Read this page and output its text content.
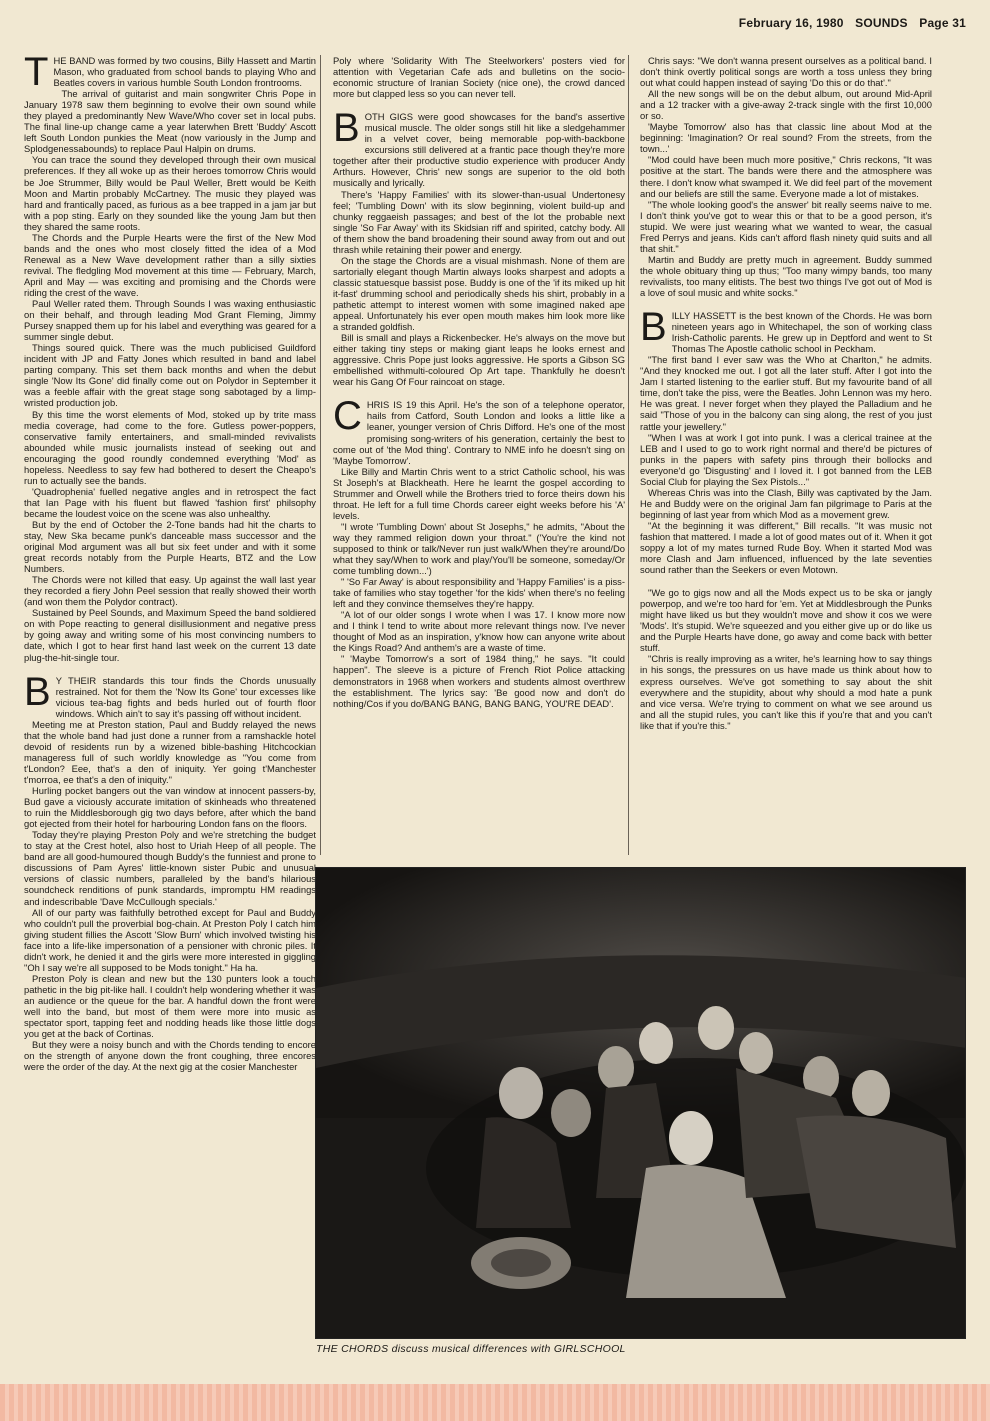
February 16, 1980 SOUNDS Page 31

THE BAND was formed by two cousins, Billy Hassett and Martin Mason, who graduated from school bands to playing Who and Beatles covers in various humble South London frontrooms.

The arrival of guitarist and main songwriter Chris Pope in January 1978 saw them beginning to evolve their own sound while they played a predominantly New Wave/Who cover set in local pubs. The final line-up change came a year laterwhen Brett 'Buddy' Ascott left South London punkies the Meat (now variously in the Jump and Splodgenessabounds) to replace Paul Halpin on drums.

You can trace the sound they developed through their own musical preferences. If they all woke up as their heroes tomorrow Chris would be Joe Strummer, Billy would be Paul Weller, Brett would be Keith Moon and Martin probably McCartney. The music they played was hard and frantically paced, as furious as a bee trapped in a jam jar but with a pop sting. Early on they sounded like the young Jam but then they shared the same roots.

The Chords and the Purple Hearts were the first of the New Mod bands and the ones who most closely fitted the idea of a Mod Renewal as a New Wave development rather than a silly sixties revival. The fledgling Mod movement at this time — February, March, April and May — was exciting and promising and the Chords were riding the crest of the wave.

Paul Weller rated them. Through Sounds I was waxing enthusiastic on their behalf, and through leading Mod Grant Fleming, Jimmy Pursey snapped them up for his label and everything was geared for a summer single debut.

Things soured quick. There was the much publicised Guildford incident with JP and Fatty Jones which resulted in band and label parting company. This set them back months and when the debut single 'Now Its Gone' did finally come out on Polydor in September it was a feeble affair with the great stage song sabotaged by a limp-wristed production job.

By this time the worst elements of Mod, stoked up by trite mass media coverage, had come to the fore. Gutless power-poppers, conservative family entertainers, and small-minded revivalists abounded while music journalists instead of seeking out and encouraging the good roundly condemned everything 'Mod' as hopeless. Needless to say few had bothered to desert the Cheapo's run to actually see the bands.

'Quadrophenia' fuelled negative angles and in retrospect the fact that Ian Page with his fluent but flawed 'fashion first' philsophy became the loudest voice on the scene was also unhealthy.

But by the end of October the 2-Tone bands had hit the charts to stay, New Ska became punk's danceable mass successor and the original Mod argument was all but six feet under and with it some great records notably from the Purple Hearts, BTZ and the Low Numbers.

The Chords were not killed that easy. Up against the wall last year they recorded a fiery John Peel session that really showed their worth (and won them the Polydor contract).

Sustained by Peel Sounds, and Maximum Speed the band soldiered on with Pope reacting to general disillusionment and negative press by going away and writing some of his most convincing numbers to date, which I got to hear first hand last week on the current 13 date plug-the-hit-single tour.

B Y THEIR standards this tour finds the Chords unusually restrained. Not for them the 'Now Its Gone' tour excesses like vicious tea-bag fights and beds hurled out of fourth floor windows. Which ain't to say it's passing off without incident.

Meeting me at Preston station, Paul and Buddy relayed the news that the whole band had just done a runner from a ramshackle hotel devoid of residents run by a wizened bible-bashing Hitchcockian manageress full of such worldly knowledge as "You come from t'London? Eee, that's a den of iniquity. Yer going t'Manchester t'morroa, ee that's a den of iniquity."

Hurling pocket bangers out the van window at innocent passers-by, Bud gave a viciously accurate imitation of skinheads who threatened to ruin the Middlesborough gig two days before, after which the band got ejected from their hotel for harbouring London fans on the floors.

Today they're playing Preston Poly and we're stretching the budget to stay at the Crest hotel, also host to Uriah Heep of all people. The band are all good-humoured though Buddy's the funniest and prone to discussions of Pam Ayres' little-known sister Pubic and unusual versions of classic numbers, paralleled by the band's hilarious soundcheck renditions of punk standards, impromptu HM readings and indescribable 'Dave McCullough specials.'

All of our party was faithfully betrothed except for Paul and Buddy who couldn't pull the proverbial bog-chain. At Preston Poly I catch him giving student fillies the Ascott 'Slow Burn' which involved twisting his face into a life-like impersonation of a pensioner with chronic piles. It didn't work, he denied it and the girls were more interested in giggling "Oh I say we're all supposed to be Mods tonight." Ha ha.

Preston Poly is clean and new but the 130 punters look a touch pathetic in the big pit-like hall. I couldn't help wondering whether it was an audience or the queue for the bar. A handful down the front were well into the band, but most of them were more into music as spectator sport, tapping feet and nodding heads like those little dogs you get at the back of Cortinas.

But they were a noisy bunch and with the Chords tending to encore on the strength of anyone down the front coughing, three encores were the order of the day. At the next gig at the cosier Manchester

Poly where 'Solidarity With The Steelworkers' posters vied for attention with Vegetarian Cafe ads and bulletins on the socio-economic structure of Iranian Society (nice one), the crowd danced more but clapped less so you can never tell.

BOTH GIGS were good showcases for the band's assertive musical muscle. The older songs still hit like a sledgehammer in a velvet cover, being memorable pop-with-backbone excursions still delivered at a frantic pace though they're more together after their productive studio experience with producer Andy Arthurs. However, Chris' new songs are superior to the old both musically and lyrically.

There's 'Happy Families' with its slower-than-usual Undertonesy feel; 'Tumbling Down' with its slow beginning, violent build-up and chunky reggaeish passages; and best of the lot the probable next single 'So Far Away' with its Skidsian riff and spirited, catchy body. All of them show the band broadening their sound away from out and out thrash while retaining their power and energy.

On the stage the Chords are a visual mishmash. None of them are sartorially elegant though Martin always looks sharpest and adopts a classic statuesque bassist pose. Buddy is one of the 'if its miked up hit it-fast' drumming school and periodically sheds his shirt, probably in a pathetic attempt to interest women with some imagined naked ape appeal. Unfortunately his ever open mouth makes him look more like a stranded goldfish.

Bill is small and plays a Rickenbecker. He's always on the move but either taking tiny steps or making giant leaps he looks ernest and aggressive. Chris Pope just looks aggressive. He sports a Gibson SG embellished withmulti-coloured Op Art tape. Thankfully he doesn't wear his Gang Of Four raincoat on stage.

CHRIS IS 19 this April. He's the son of a telephone operator, hails from Catford, South London and looks a little like a leaner, younger version of Chris Difford. He's one of the most promising song-writers of his generation, certainly the best to come out of 'the Mod thing'. Contrary to NME info he doesn't sing on 'Maybe Tomorrow'.

Like Billy and Martin Chris went to a strict Catholic school, his was St Joseph's at Blackheath. Here he learnt the gospel according to Strummer and Orwell while the Brothers tried to force theirs down his throat. He left for a full time Chords career eight weeks before his 'A' levels.

"I wrote 'Tumbling Down' about St Josephs," he admits, "About the way they rammed religion down your throat." ('You're the kind not supposed to think or talk/Never run just walk/When they're around/Do what they say/When to work and play/You'll be someone, someday/Or come tumbling down...')

" 'So Far Away' is about responsibility and 'Happy Families' is a piss-take of families who stay together 'for the kids' when there's no feeling left and they convince themselves they're happy.

"A lot of our older songs I wrote when I was 17. I know more now and I think I tend to write about more relevant things now. I've never thought of Mod as an inspiration, y'know how can anyone write about the Kings Road? And anthem's are a waste of time.

" 'Maybe Tomorrow's a sort of 1984 thing," he says. "It could happen". The sleeve is a picture of French Riot Police attacking demonstrators in 1968 when workers and students almost overthrew the establishment. The lyrics say: 'Be good now and don't do nothing/Cos if you do/BANG BANG, BANG BANG, YOU'RE DEAD'.

Chris says: "We don't wanna present ourselves as a political band. I don't think overtly political songs are worth a toss unless they bring out what could happen instead of saying 'Do this or do that'."

All the new songs will be on the debut album, out around Mid-April and a 12 tracker with a give-away 2-track single with the first 10,000 or so.

'Maybe Tomorrow' also has that classic line about Mod at the beginning: 'Imagination? Or real sound? From the streets, from the town...'

"Mod could have been much more positive," Chris reckons, "It was positive at the start. The bands were there and the atmosphere was there. I don't know what swamped it. We did feel part of the movement and our beliefs are still the same. Everyone made a lot of mistakes.

"The whole looking good's the answer' bit really seems naive to me. I don't think you've got to wear this or that to be a good person, it's stupid. We were just wearing what we wanted to wear, the casual Fred Perrys and jeans. Kids can't afford flash ninety quid suits and all that shit."

Martin and Buddy are pretty much in agreement. Buddy summed the whole obituary thing up thus; "Too many wimpy bands, too many revivalists, too many elitists. The best two things I've got out of Mod is a love of soul music and white socks."

BILLY HASSETT is the best known of the Chords. He was born nineteen years ago in Whitechapel, the son of working class Irish-Catholic parents. He grew up in Deptford and went to St Thomas The Apostle catholic school in Peckham.

"The first band I ever saw was the Who at Charlton," he admits. "And they knocked me out. I got all the later stuff. After I got into the Jam I started listening to the earlier stuff. But my favourite band of all time, don't take the piss, were the Beatles. John Lennon was my hero. He was great. I never forget when they played the Palladium and he said "Those of you in the balcony can sing along, the rest of you just rattle your jewellery."

"When I was at work I got into punk. I was a clerical trainee at the LEB and I used to go to work right normal and there'd be pictures of punks in the papers with safety pins through their bollocks and everyone'd go 'Disgusting' and I loved it. I got banned from the LEB Social Club for playing the Sex Pistols..."

Whereas Chris was into the Clash, Billy was captivated by the Jam. He and Buddy were on the original Jam fan pilgrimage to Paris at the beginning of last year from which Mod as a movement grew.

"At the beginning it was different," Bill recalls. "It was music not fashion that mattered. I made a lot of good mates out of it. When it got soppy a lot of my mates turned Rude Boy. When it started Mod was more Clash and Jam influenced, influenced by the late seventies sound rather than the Seekers or even Motown.

"We go to gigs now and all the Mods expect us to be ska or jangly powerpop, and we're too hard for 'em. Yet at Middlesbrough the Punks might have liked us but they wouldn't move and show it cos we were 'Mods'. It's stupid. We're squeezed and you either give up or do like us and the Purple Hearts have done, go away and come back with better stuff.

"Chris is really improving as a writer, he's learning how to say things in his songs, the pressures on us have made us think about how to express ourselves. We've got something to say about the shit everywhere and the stupidity, about why should a mod hate a punk and vice versa. We're trying to comment on what we see around us and all the stupid rules, you can't like this if you're that and you can't like that if you're this."

THE CHORDS discuss musical differences with GIRLSCHOOL
